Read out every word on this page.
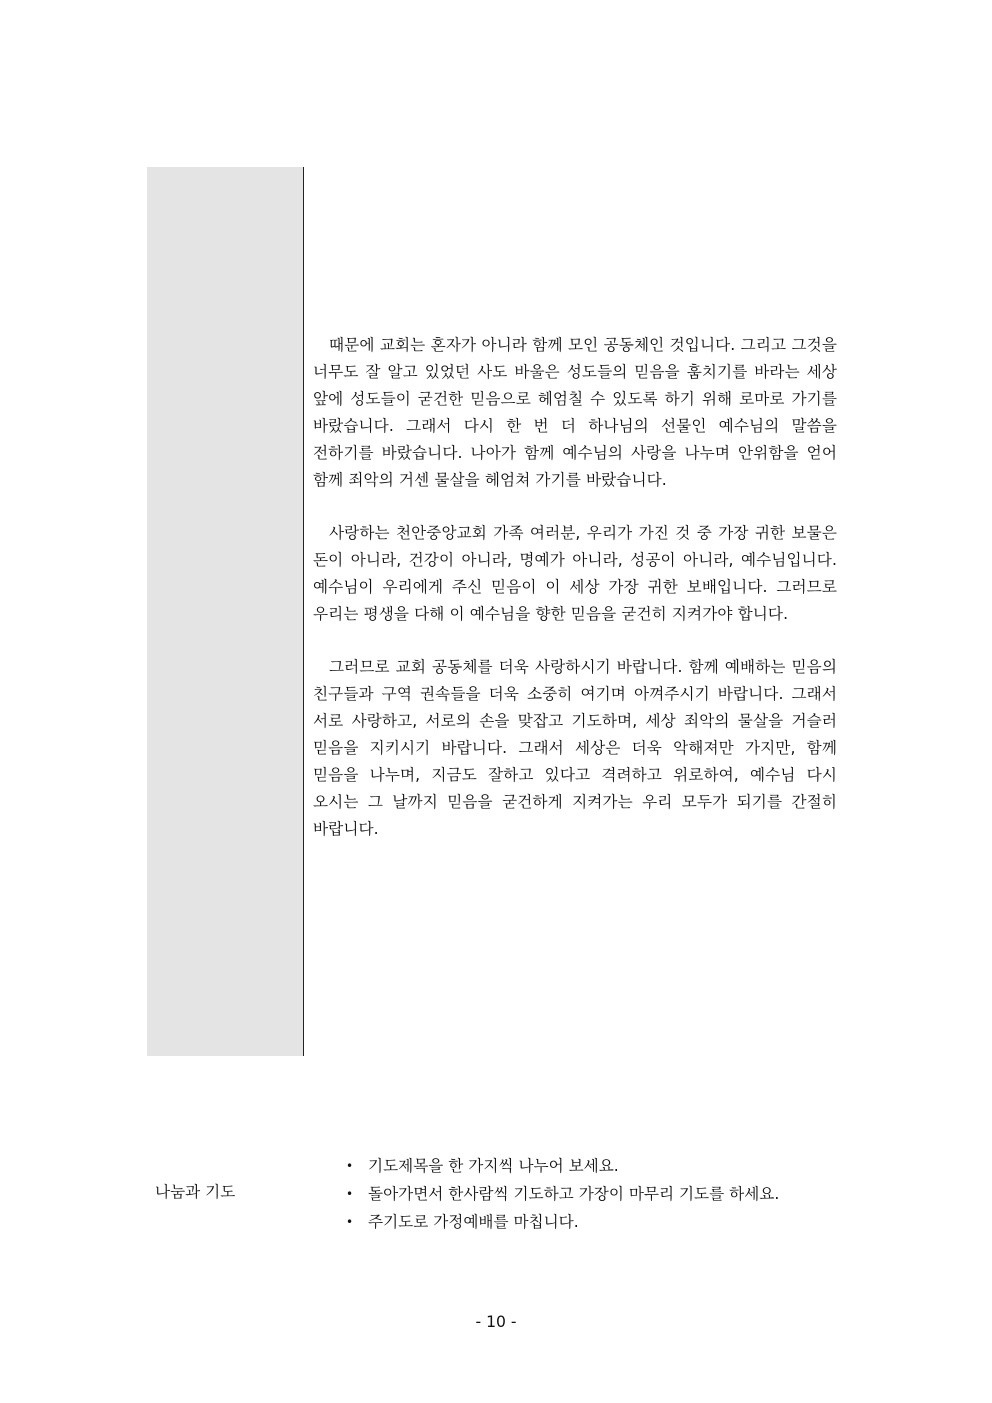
때문에 교회는 혼자가 아니라 함께 모인 공동체인 것입니다. 그리고 그것을 너무도 잘 알고 있었던 사도 바울은 성도들의 믿음을 훔치기를 바라는 세상 앞에 성도들이 굳건한 믿음으로 헤엄칠 수 있도록 하기 위해 로마로 가기를 바랐습니다. 그래서 다시 한 번 더 하나님의 선물인 예수님의 말씀을 전하기를 바랐습니다. 나아가 함께 예수님의 사랑을 나누며 안위함을 얻어 함께 죄악의 거센 물살을 헤엄쳐 가기를 바랐습니다.

사랑하는 천안중앙교회 가족 여러분, 우리가 가진 것 중 가장 귀한 보물은 돈이 아니라, 건강이 아니라, 명예가 아니라, 성공이 아니라, 예수님입니다. 예수님이 우리에게 주신 믿음이 이 세상 가장 귀한 보배입니다. 그러므로 우리는 평생을 다해 이 예수님을 향한 믿음을 굳건히 지켜가야 합니다.

그러므로 교회 공동체를 더욱 사랑하시기 바랍니다. 함께 예배하는 믿음의 친구들과 구역 권속들을 더욱 소중히 여기며 아껴주시기 바랍니다. 그래서 서로 사랑하고, 서로의 손을 맞잡고 기도하며, 세상 죄악의 물살을 거슬러 믿음을 지키시기 바랍니다. 그래서 세상은 더욱 악해져만 가지만, 함께 믿음을 나누며, 지금도 잘하고 있다고 격려하고 위로하여, 예수님 다시 오시는 그 날까지 믿음을 굳건하게 지켜가는 우리 모두가 되기를 간절히 바랍니다.

나눔과 기도
• 기도제목을 한 가지씩 나누어 보세요.
• 돌아가면서 한사람씩 기도하고 가장이 마무리 기도를 하세요.
• 주기도로 가정예배를 마칩니다.
- 10 -
